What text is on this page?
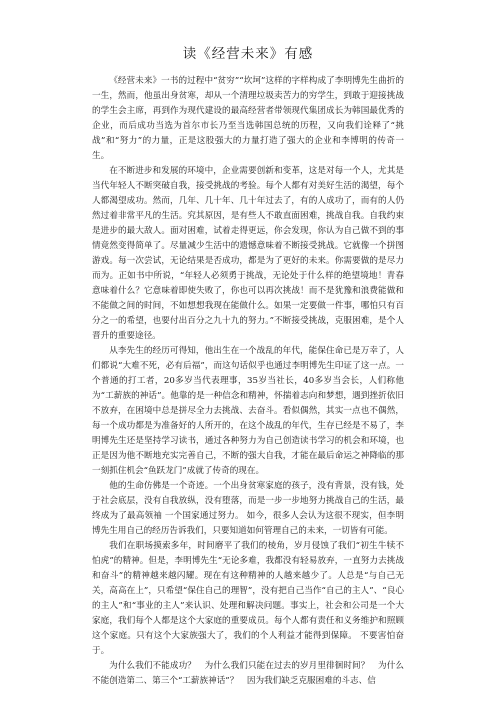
读《经营未来》有感

《经营未来》一书的过程中“贫穷”“坎坷”这样的字样构成了李明博先生曲折的一生，然而，他虽出身贫寒，却从一个清理垃圾卖苦力的穷学生，到敢于迎接挑战的学生会主席，再到作为现代建设的最高经营者带领现代集团成长为韩国最优秀的企业，而后成功当选为首尔市长乃至当选韩国总统的历程，又向我们诠释了“挑战”和“努力”的力量，正是这股强大的力量打造了强大的企业和李博明的传奇一生。

在不断进步和发展的环境中，企业需要创新和变革，这是对每一个人，尤其是当代年轻人不断突破自我，接受挑战的考验。每个人都有对美好生活的渴望，每个人都渴望成功。然而，几年、几十年、几十年过去了，有的人成功了，而有的人仍然过着非常平凡的生活。究其原因，是有些人不敢直面困难，挑战自我。自我约束是进步的最大敌人。面对困难，试着走得更远，你会发现，你认为自己做不到的事情竟然变得简单了。尽量减少生活中的遗憾意味着不断接受挑战。它就像一个拼图游戏。每一次尝试，无论结果是否成功，都是为了更好的未来。你需要做的是尽力而为。正如书中所说，“年轻人必须勇于挑战，无论处于什么样的绝望境地！青春意味着什么？它意味着即使失败了，你也可以再次挑战！而不是犹豫和浪费能做和不能做之间的时间，不如想想我现在能做什么。如果一定要做一件事，哪怕只有百分之一的希望，也要付出百分之九十九的努力。”不断接受挑战，克服困难，是个人晋升的重要途径。

从李先生的经历可得知，他出生在一个战乱的年代，能保住命已是万幸了，人们都说“大难不死，必有后福”，而这句话似乎也通过李明博先生印证了这一点。一个普通的打工者，20多岁当代表理事，35岁当社长，40多岁当会长，人们称他为“工薪族的神话”。他靠的是一种信念和精神，怀揣着志向和梦想，遇到挫折依旧不放弃，在困境中总是拼尽全力去挑战、去奋斗。看似偶然，其实一点也不偶然，每一个成功都是为准备好的人所开的，在这个战乱的年代，生存已经是不易了，李明博先生还是坚持学习读书，通过各种努力为自己创造读书学习的机会和环境，也正是因为他不断地充实完善自己，不断的强大自我，才能在最后命运之神降临的那一刻抓住机会“鱼跃龙门”成就了传奇的现在。

他的生命仿佛是一个奇迹。一个出身贫寒家庭的孩子，没有背景，没有钱，处于社会底层，没有自我放纵，没有堕落，而是一步一步地努力挑战自己的生活，最终成为了最高领袖 一个国家通过努力。 如今，很多人会认为这很不现实，但李明博先生用自己的经历告诉我们，只要知道如何管理自己的未来，一切皆有可能。

我们在职场摸索多年，时间磨平了我们的棱角，岁月侵蚀了我们“初生牛犊不怕虎”的精神。但是，李明博先生“无论多难，我都没有轻易放弃，一直努力去挑战和奋斗”的精神越来越闪耀。现在有这种精神的人越来越少了。人总是“与自己无关，高高在上”，只希望“保住自己的理智”，没有把自己当作“自己的主人”、“良心的主人”和“事业的主人”来认识、处理和解决问题。事实上，社会和公司是一个大家庭，我们每个人都是这个大家庭的重要成员。每个人都有责任和义务维护和照顾这个家庭。只有这个大家族强大了，我们的个人利益才能得到保障。 不要害怕奋于。

为什么我们不能成功？　为什么我们只能在过去的岁月里徘徊时间？　为什么不能创造第二、第三个“工薪族神话”？　因为我们缺乏克服困难的斗志、信
